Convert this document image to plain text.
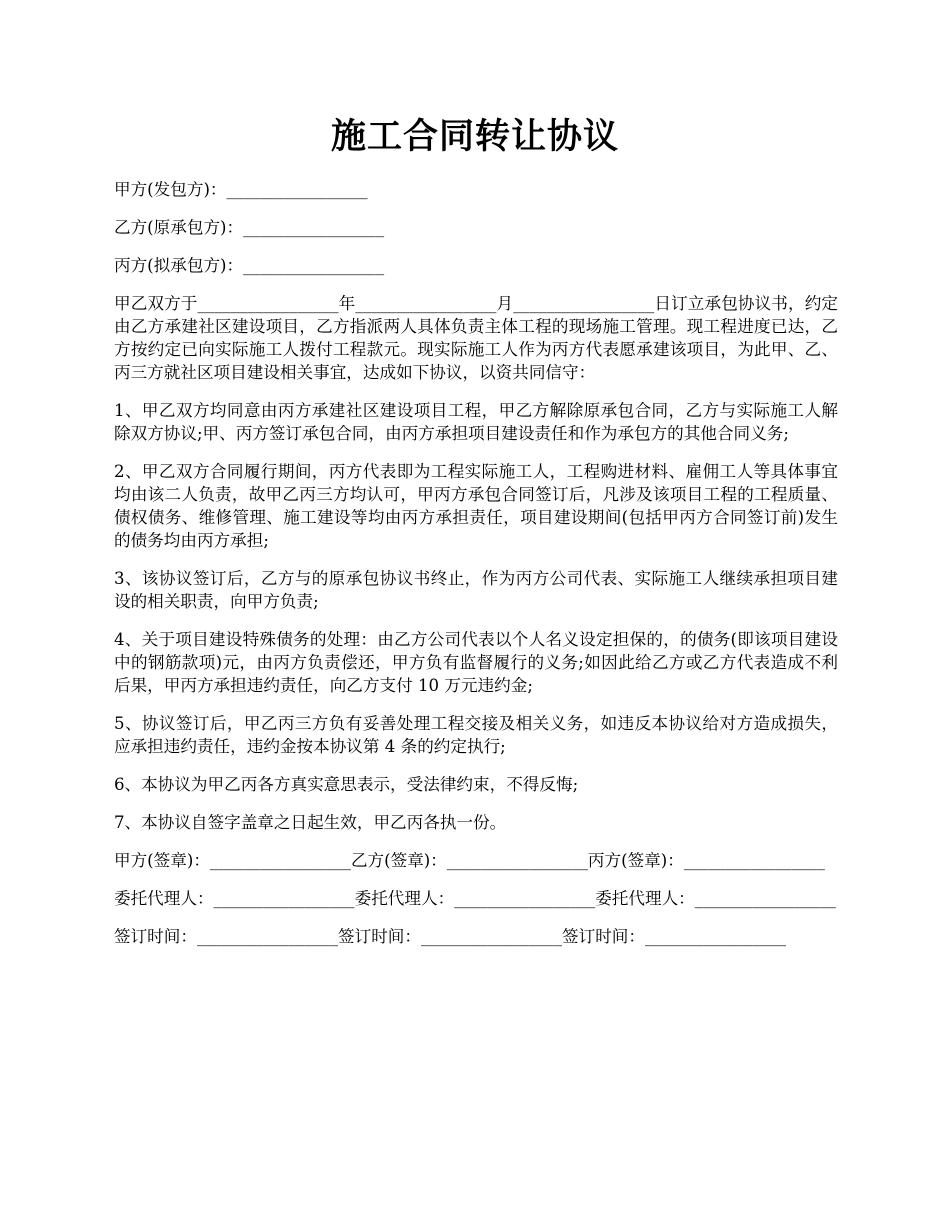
施工合同转让协议

甲方(发包方)：_________________

乙方(原承包方)：_________________

丙方(拟承包方)：_________________

甲乙双方于_________________年_________________月_________________日订立承包协议书，约定由乙方承建社区建设项目，乙方指派两人具体负责主体工程的现场施工管理。现工程进度已达，乙方按约定已向实际施工人拨付工程款元。现实际施工人作为丙方代表愿承建该项目，为此甲、乙、丙三方就社区项目建设相关事宜，达成如下协议，以资共同信守：

1、甲乙双方均同意由丙方承建社区建设项目工程，甲乙方解除原承包合同，乙方与实际施工人解除双方协议;甲、丙方签订承包合同，由丙方承担项目建设责任和作为承包方的其他合同义务;

2、甲乙双方合同履行期间，丙方代表即为工程实际施工人，工程购进材料、雇佣工人等具体事宜均由该二人负责，故甲乙丙三方均认可，甲丙方承包合同签订后，凡涉及该项目工程的工程质量、债权债务、维修管理、施工建设等均由丙方承担责任，项目建设期间(包括甲丙方合同签订前)发生的债务均由丙方承担;

3、该协议签订后，乙方与的原承包协议书终止，作为丙方公司代表、实际施工人继续承担项目建设的相关职责，向甲方负责;

4、关于项目建设特殊债务的处理：由乙方公司代表以个人名义设定担保的，的债务(即该项目建设中的钢筋款项)元，由丙方负责偿还，甲方负有监督履行的义务;如因此给乙方或乙方代表造成不利后果，甲丙方承担违约责任，向乙方支付 10 万元违约金;

5、协议签订后，甲乙丙三方负有妥善处理工程交接及相关义务，如违反本协议给对方造成损失，应承担违约责任，违约金按本协议第 4 条的约定执行;

6、本协议为甲乙丙各方真实意思表示，受法律约束，不得反悔;

7、本协议自签字盖章之日起生效，甲乙丙各执一份。

甲方(签章)：_________________乙方(签章)：_________________丙方(签章)：_________________

委托代理人：_________________委托代理人：_________________委托代理人：_________________

签订时间：_________________签订时间：_________________签订时间：_________________
